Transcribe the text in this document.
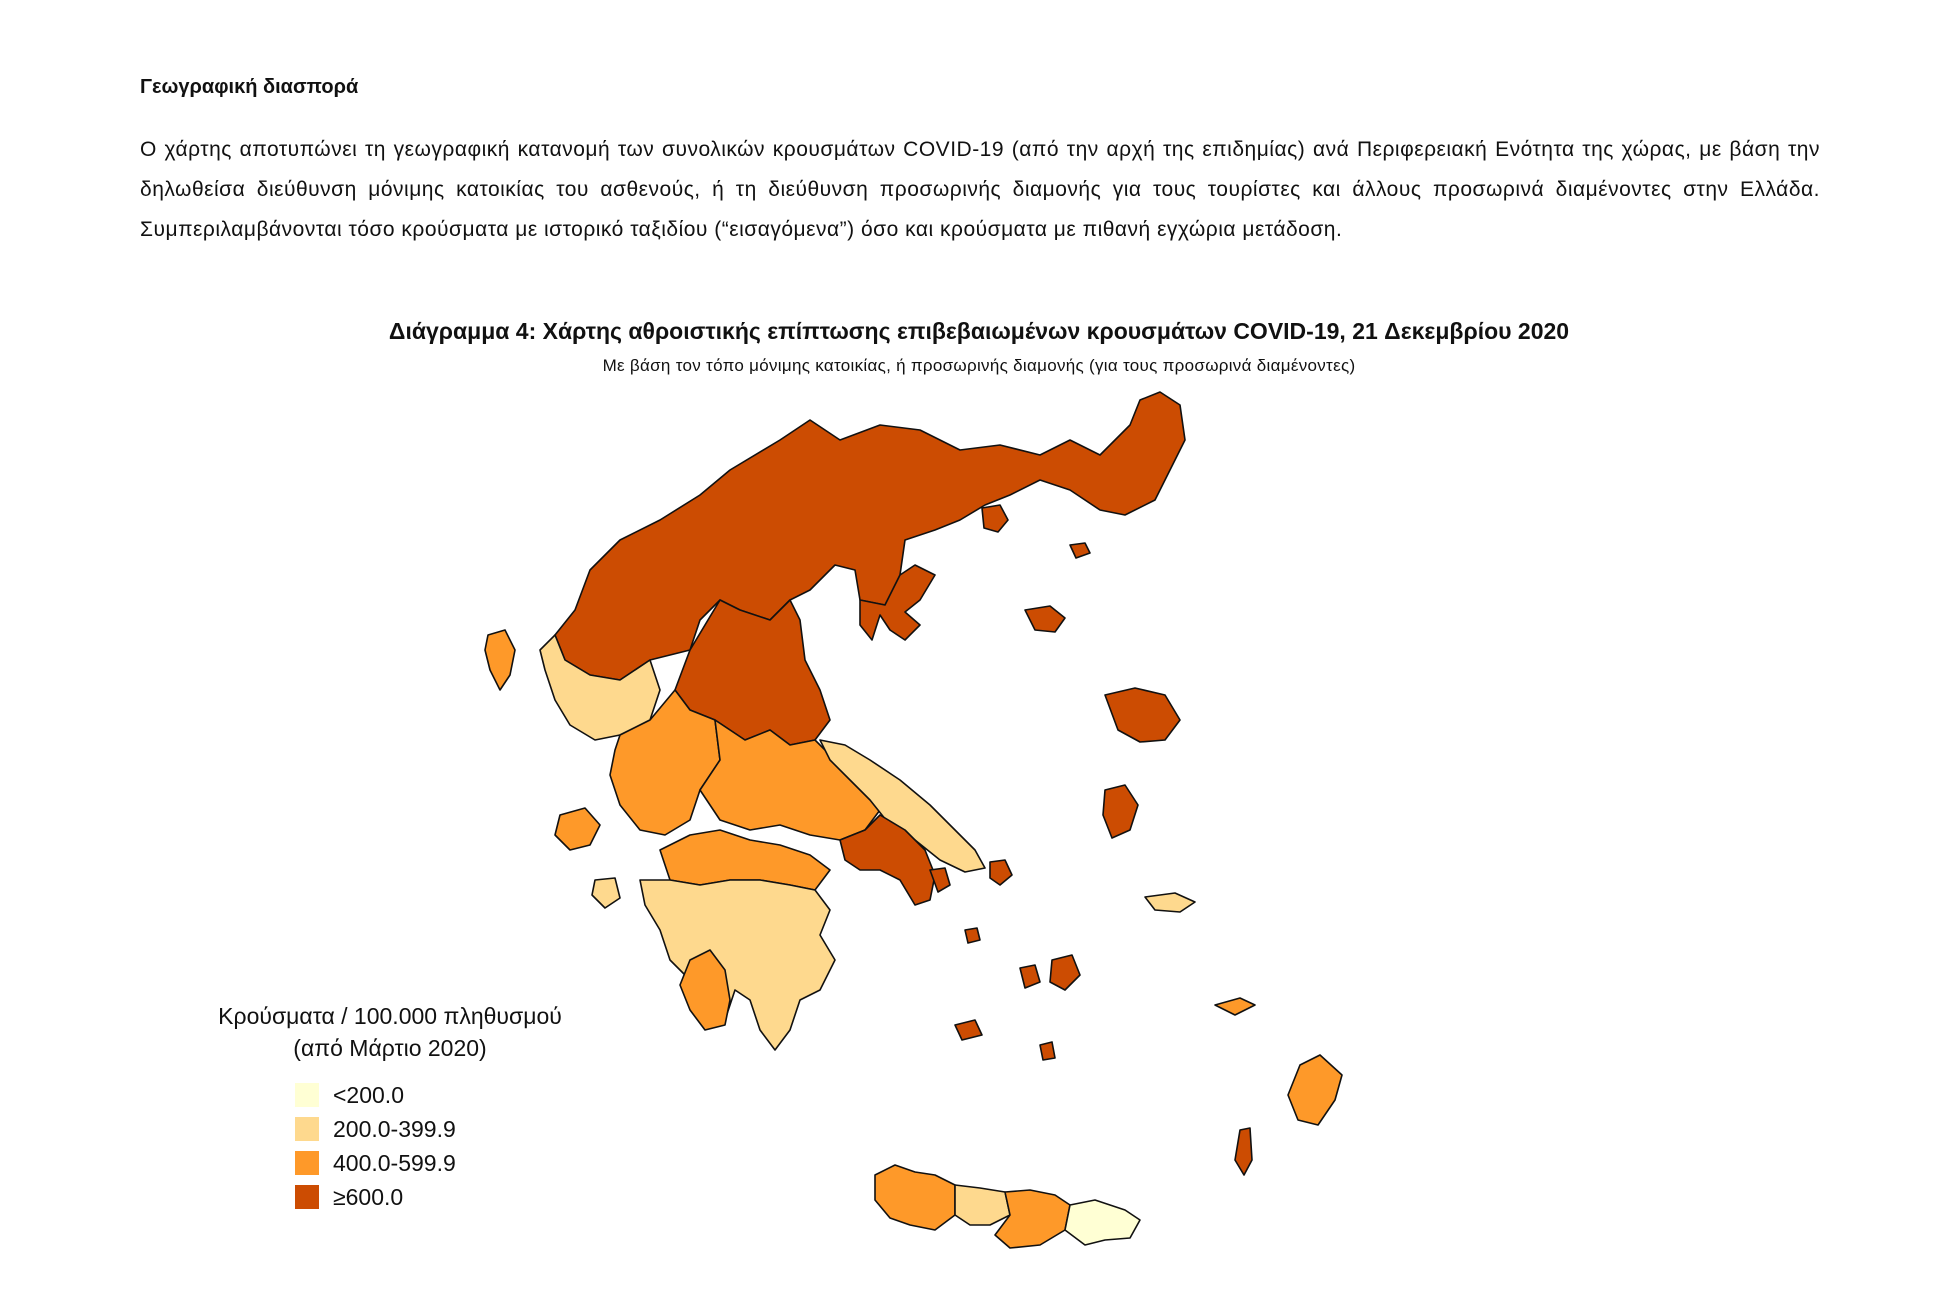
Γεωγραφική διασπορά
Ο χάρτης αποτυπώνει τη γεωγραφική κατανομή των συνολικών κρουσμάτων COVID-19 (από την αρχή της επιδημίας) ανά Περιφερειακή Ενότητα της χώρας, με βάση την δηλωθείσα διεύθυνση μόνιμης κατοικίας του ασθενούς, ή τη διεύθυνση προσωρινής διαμονής για τους τουρίστες και άλλους προσωρινά διαμένοντες στην Ελλάδα. Συμπεριλαμβάνονται τόσο κρούσματα με ιστορικό ταξιδίου (“εισαγόμενα”) όσο και κρούσματα με πιθανή εγχώρια μετάδοση.
Διάγραμμα 4: Χάρτης αθροιστικής επίπτωσης επιβεβαιωμένων κρουσμάτων COVID-19, 21 Δεκεμβρίου 2020
Με βάση τον τόπο μόνιμης κατοικίας, ή προσωρινής διαμονής (για τους προσωρινά διαμένοντες)
Κρούσματα / 100.000 πληθυσμού
(από Μάρτιο 2020)
<200.0
200.0-399.9
400.0-599.9
≥600.0
